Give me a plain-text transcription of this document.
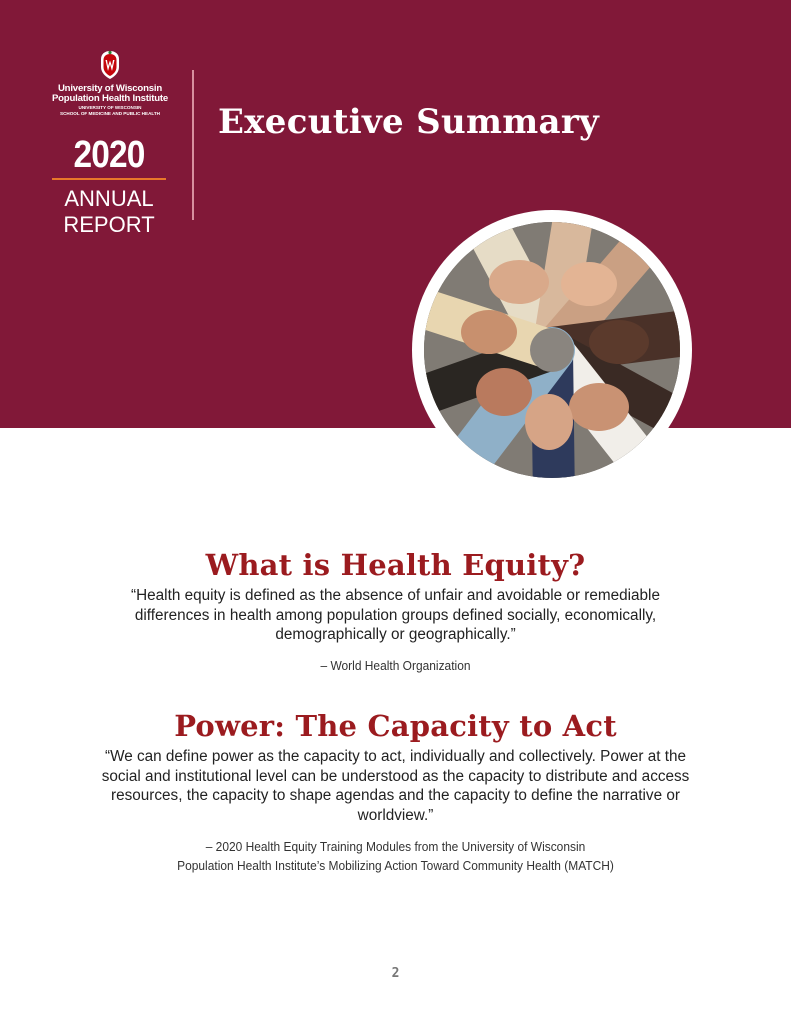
University of Wisconsin
Population Health Institute
UNIVERSITY OF WISCONSIN
SCHOOL OF MEDICINE AND PUBLIC HEALTH
2020
ANNUAL
REPORT
Executive Summary
What is Health Equity?
“Health equity is defined as the absence of unfair and avoidable or remediable differences in health among population groups defined socially, economically, demographically or geographically.”
– World Health Organization
Power: The Capacity to Act
“We can define power as the capacity to act, individually and collectively. Power at the social and institutional level can be understood as the capacity to distribute and access resources, the capacity to shape agendas and the capacity to define the narrative or worldview.”
– 2020 Health Equity Training Modules from the University of Wisconsin
Population Health Institute’s Mobilizing Action Toward Community Health (MATCH)
2
